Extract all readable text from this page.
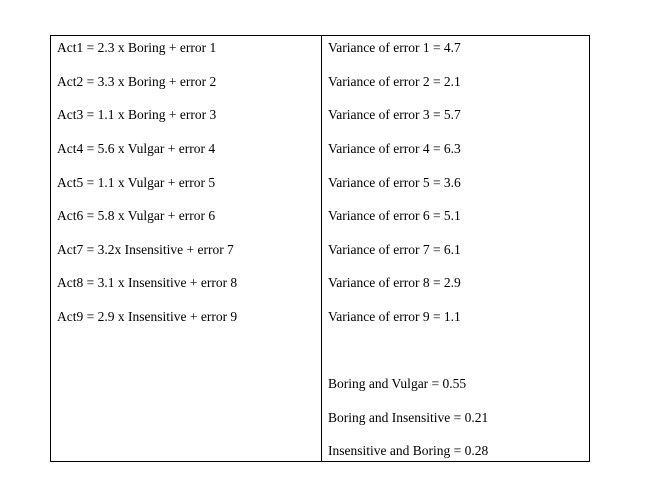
Act1 = 2.3 x Boring + error 1
Act2 = 3.3 x Boring + error 2
Act3 = 1.1 x Boring + error 3
Act4 = 5.6 x Vulgar + error 4
Act5 = 1.1 x Vulgar + error 5
Act6 = 5.8 x Vulgar + error 6
Act7 = 3.2x Insensitive + error 7
Act8 = 3.1 x Insensitive + error 8
Act9 = 2.9 x Insensitive + error 9
Variance of error 1 = 4.7
Variance of error 2 = 2.1
Variance of error 3 = 5.7
Variance of error 4 = 6.3
Variance of error 5 = 3.6
Variance of error 6 = 5.1
Variance of error 7 = 6.1
Variance of error 8 = 2.9
Variance of error 9 = 1.1
Boring and Vulgar = 0.55
Boring and Insensitive = 0.21
Insensitive and Boring = 0.28
